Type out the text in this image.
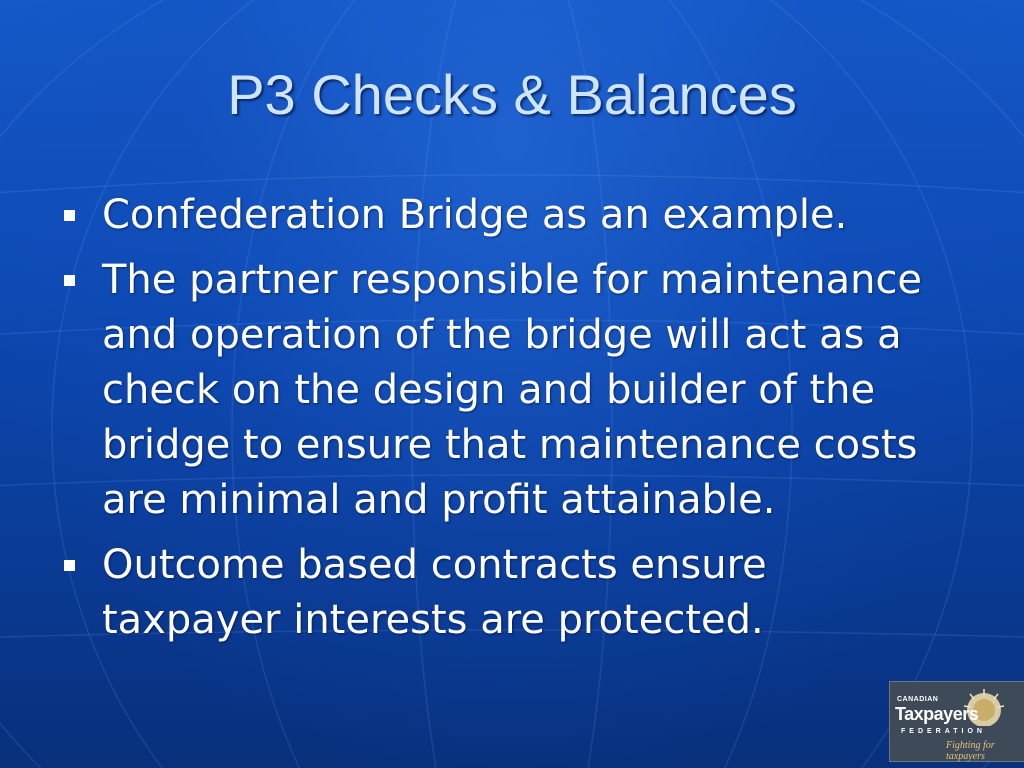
P3 Checks & Balances
Confederation Bridge as an example.
The partner responsible for maintenance and operation of the bridge will act as a check on the design and builder of the bridge to ensure that maintenance costs are minimal and profit attainable.
Outcome based contracts ensure taxpayer interests are protected.
CANADIAN
Taxpayers
FEDERATION
Fighting for taxpayers
